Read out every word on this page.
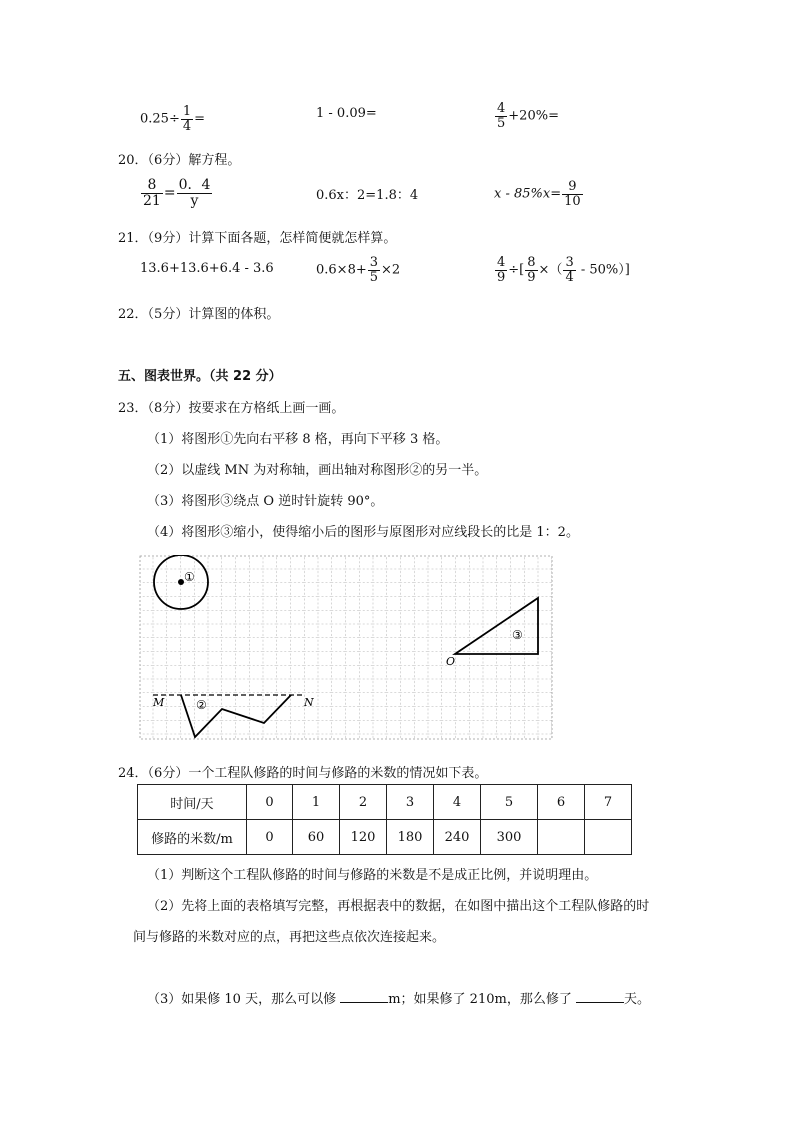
$0.25\div \frac{1}{4}$ =	1 - 0.09=	$\frac{4}{5} +20\%=$
20．（6分）解方程。
$\frac{8}{21} = \frac{0.4}{y}$	0.6x：2=1.8：4	$x - 85\%x= \frac{9}{10}$
21．（9分）计算下面各题，怎样简便就怎样算。
13.6+13.6+6.4 - 3.6	$0.6\times 8+ \frac{3}{5} \times 2$	$\frac{4}{9}$ ÷[ $\frac{8}{9}$ ×（ $\frac{3}{4} - 50\%$）]
22．（5分）计算图的体积。
五、图表世界。（共 22 分）
23．（8分）按要求在方格纸上画一画。
（1）将图形①先向右平移 8 格，再向下平移 3 格。
（2）以虚线 MN 为对称轴，画出轴对称图形②的另一半。
（3）将图形③绕点 O 逆时针旋转 90°。
（4）将图形③缩小，使得缩小后的图形与原图形对应线段长的比是 1：2。
①
③
O
M	N
②
24．（6分）一个工程队修路的时间与修路的米数的情况如下表。
时间/天	0	1	2	3	4	5	6	7
修路的米数/m	0	60	120	180	240	300		
（1）判断这个工程队修路的时间与修路的米数是不是成正比例，并说明理由。
（2）先将上面的表格填写完整，再根据表中的数据，在如图中描出这个工程队修路的时
间与修路的米数对应的点，再把这些点依次连接起来。
（3）如果修 10 天，那么可以修	m；如果修了 210m，那么修了	天。
